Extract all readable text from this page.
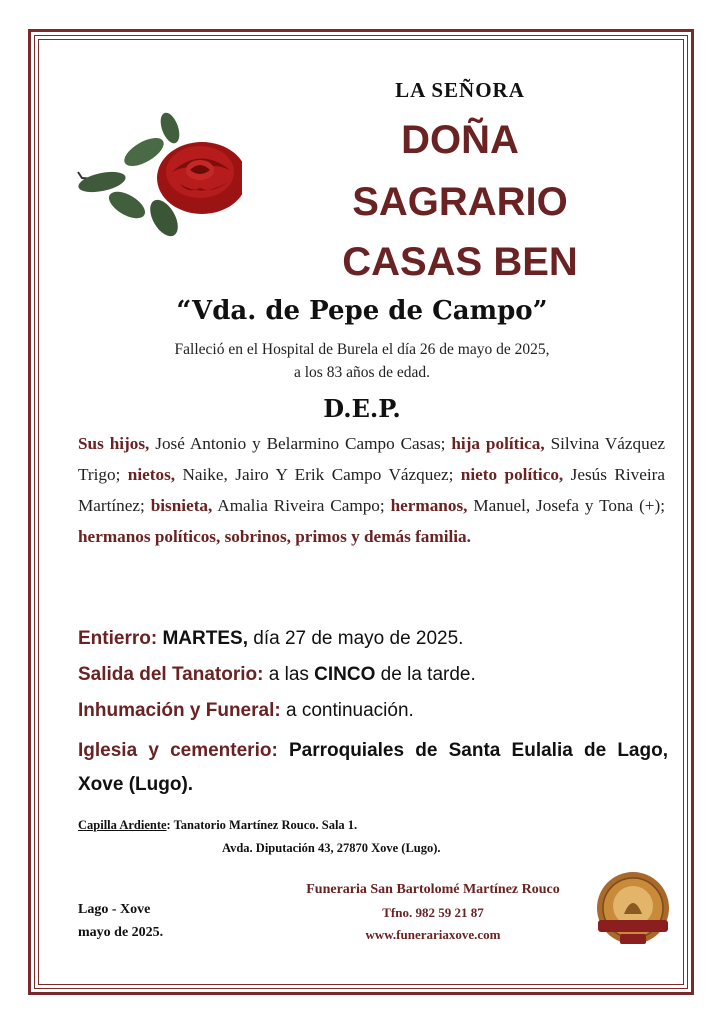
LA SEÑORA
DOÑA
SAGRARIO
CASAS BEN
“Vda. de Pepe de Campo”
Falleció en el Hospital de Burela el día 26 de mayo de 2025,
a los 83 años de edad.
D.E.P.
Sus hijos, José Antonio y Belarmino Campo Casas; hija política, Silvina Vázquez Trigo; nietos, Naike, Jairo Y Erik Campo Vázquez; nieto político, Jesús Riveira Martínez; bisnieta, Amalia Riveira Campo; hermanos, Manuel, Josefa y Tona (+); hermanos políticos, sobrinos, primos y demás familia.
Entierro: MARTES, día 27 de mayo de 2025.
Salida del Tanatorio: a las CINCO de la tarde.
Inhumación y Funeral: a continuación.
Iglesia y cementerio: Parroquiales de Santa Eulalia de Lago, Xove (Lugo).
Capilla Ardiente: Tanatorio Martínez Rouco. Sala 1.
Avda. Diputación 43, 27870 Xove (Lugo).
Lago - Xove
mayo de 2025.
Funeraria San Bartolomé Martínez Rouco
Tfno. 982 59 21 87
www.funerariaxove.com
